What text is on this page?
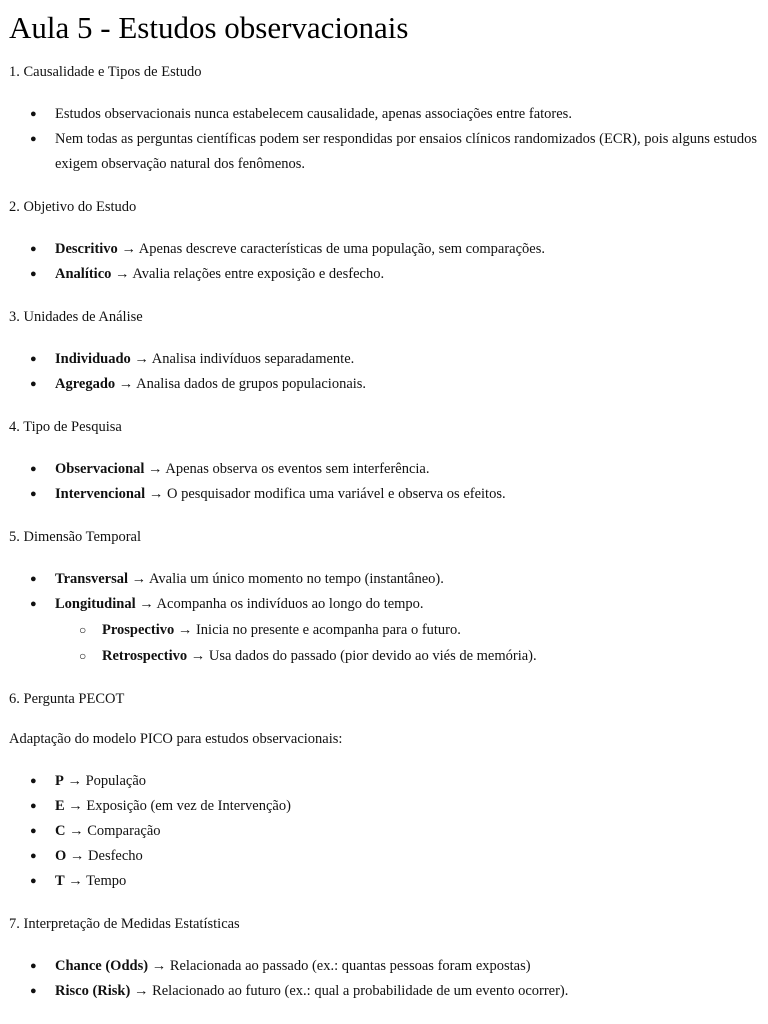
Aula 5 - Estudos observacionais
1. Causalidade e Tipos de Estudo
● Estudos observacionais nunca estabelecem causalidade, apenas associações entre fatores.
● Nem todas as perguntas científicas podem ser respondidas por ensaios clínicos randomizados (ECR), pois alguns estudos exigem observação natural dos fenômenos.
2. Objetivo do Estudo
● Descritivo → Apenas descreve características de uma população, sem comparações.
● Analítico → Avalia relações entre exposição e desfecho.
3. Unidades de Análise
● Individuado → Analisa indivíduos separadamente.
● Agregado → Analisa dados de grupos populacionais.
4. Tipo de Pesquisa
● Observacional → Apenas observa os eventos sem interferência.
● Intervencional → O pesquisador modifica uma variável e observa os efeitos.
5. Dimensão Temporal
● Transversal → Avalia um único momento no tempo (instantâneo).
● Longitudinal → Acompanha os indivíduos ao longo do tempo.
○ Prospectivo → Inicia no presente e acompanha para o futuro.
○ Retrospectivo → Usa dados do passado (pior devido ao viés de memória).
6. Pergunta PECOT
Adaptação do modelo PICO para estudos observacionais:
● P → População
● E → Exposição (em vez de Intervenção)
● C → Comparação
● O → Desfecho
● T → Tempo
7. Interpretação de Medidas Estatísticas
● Chance (Odds) → Relacionada ao passado (ex.: quantas pessoas foram expostas)
● Risco (Risk) → Relacionado ao futuro (ex.: qual a probabilidade de um evento ocorrer).
